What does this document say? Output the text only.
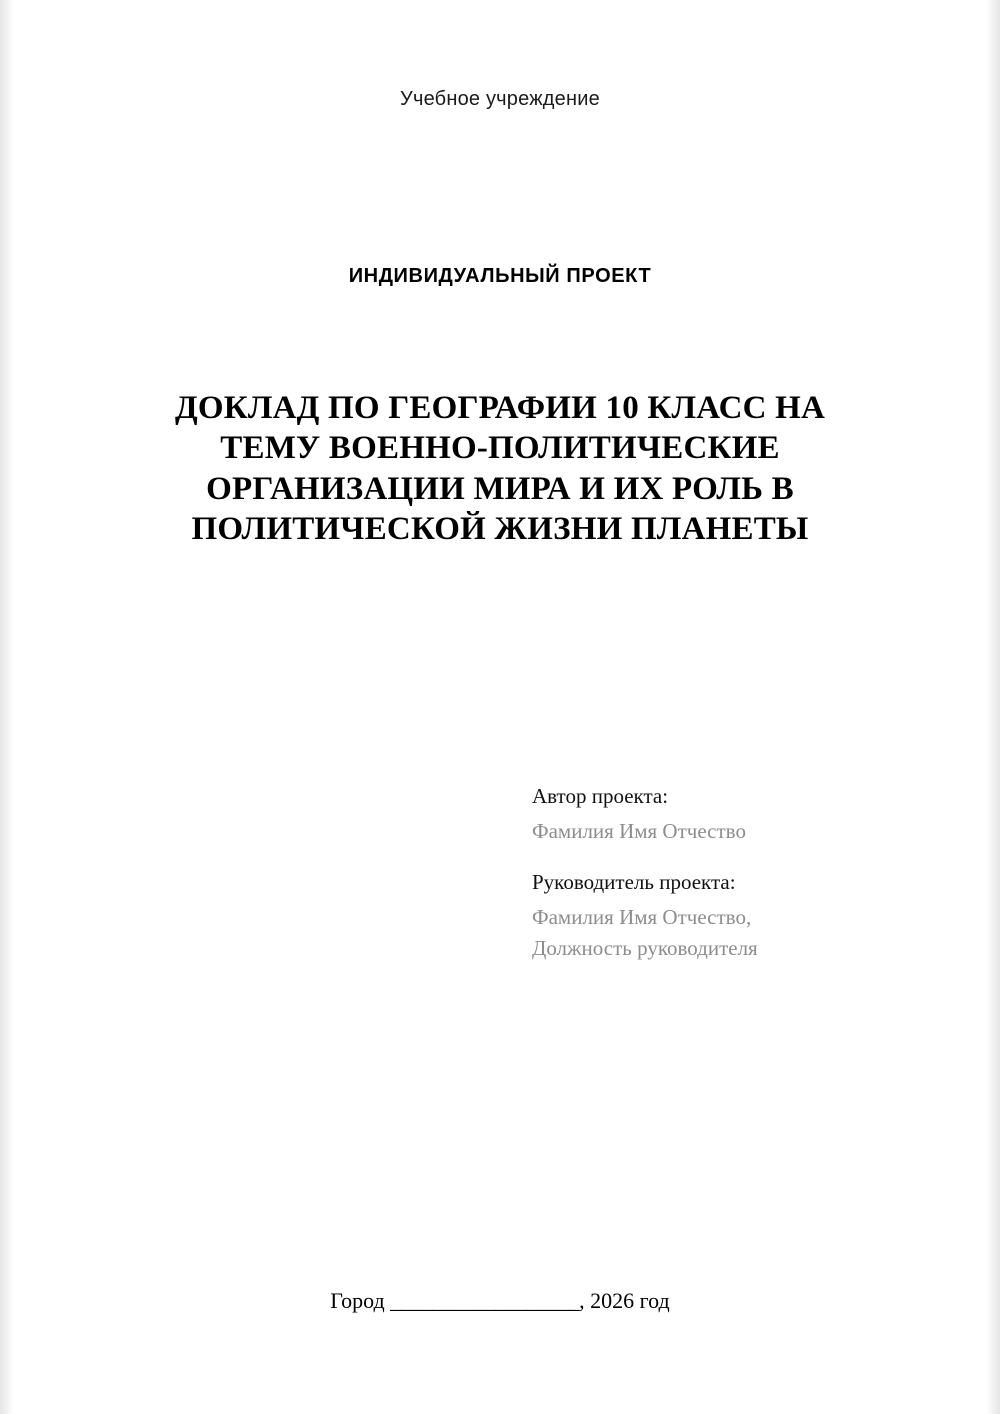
Учебное учреждение
ИНДИВИДУАЛЬНЫЙ ПРОЕКТ
ДОКЛАД ПО ГЕОГРАФИИ 10 КЛАСС НА ТЕМУ ВОЕННО-ПОЛИТИЧЕСКИЕ ОРГАНИЗАЦИИ МИРА И ИХ РОЛЬ В ПОЛИТИЧЕСКОЙ ЖИЗНИ ПЛАНЕТЫ
Автор проекта:
Фамилия Имя Отчество
Руководитель проекта:
Фамилия Имя Отчество,
Должность руководителя
Город __________________, 2026 год
